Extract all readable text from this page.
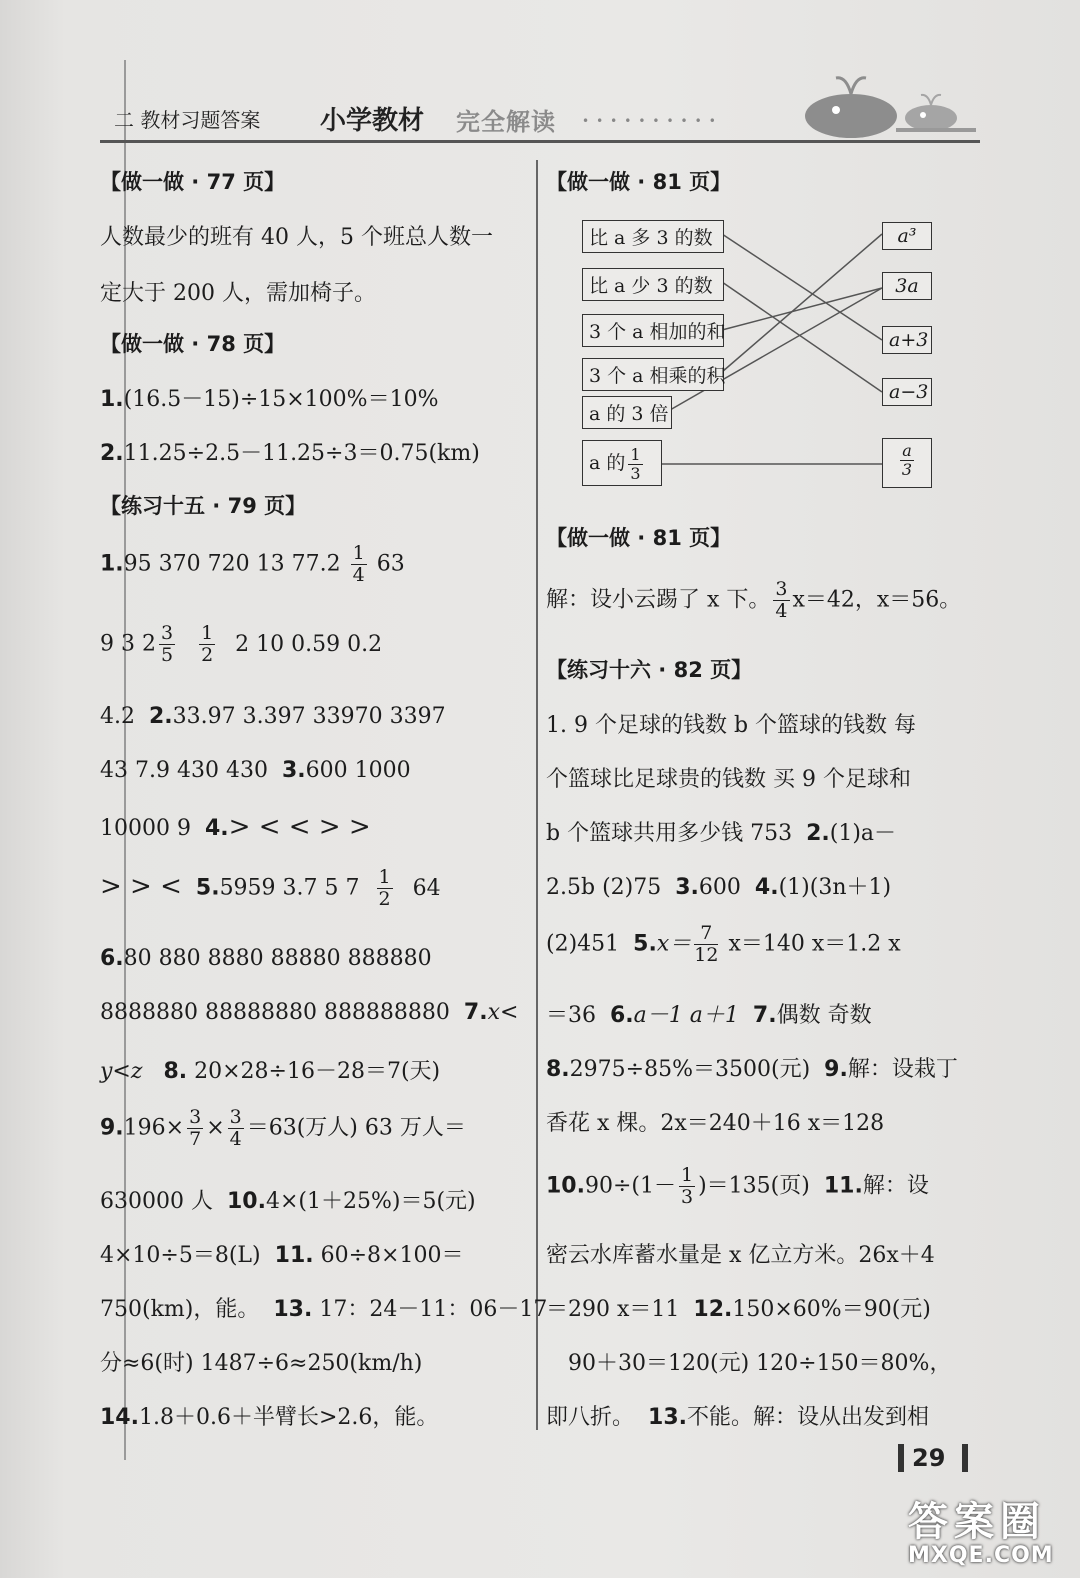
二 教材习题答案 小学教材 完全解读 ••••••••••
【做一做 · 77 页】
人数最少的班有 40 人，5 个班总人数一
定大于 200 人，需加椅子。
【做一做 · 78 页】
1.(16.5－15)÷15×100%＝10%
2.11.25÷2.5－11.25÷3＝0.75(km)
【练习十五 · 79 页】
1.95 370 720 13 $77.2 \frac{1}{4} 63$
9 3 $2 \frac{3}{5}$
$\frac{1}{2} 2$ 10 0.59 0.2
4.2 2.33.97 3.397 33970 3397
43 7.9 430 430 3.600 1000
10000 9 4.> < < > >
> > < 5.5959 3.7 5 $7 \frac{1}{2} 64$
6.80 880 8880 88880 888880
8888880 88888880 888888880 7.x<
y<z 8. 20×28÷16－28＝7(天)
$9.196\times \frac{3}{7} \times \frac{3}{4} =63$(万人) 63 万人＝
630000 人 10.4×(1＋25%)＝5(元)
4×10÷5＝8(L) 11. 60÷8×100＝
750(km)，能。 13. 17：24－11：06－17
分≈6(时) 1487÷6≈250(km/h)
14.1.8＋0.6＋半臂长>2.6，能。
【做一做 · 81 页】
比 a 多 3 的数
比 a 少 3 的数
3 个 a 相加的和
3 个 a 相乘的积
a 的 3 倍
a 的 $\frac{1}{3}$
a³
3a
a+3
a−3
$\frac{a}{3}$
【做一做 · 81 页】
解：设小云踢了 x 下。 $\frac{3}{4} x=42$，x＝56。
【练习十六 · 82 页】
1. 9 个足球的钱数 b 个篮球的钱数 每
个篮球比足球贵的钱数 买 9 个足球和
b 个篮球共用多少钱 753 2.(1)a－
2.5b (2)75 3.600 4.(1)(3n＋1)
(2)451 $5.x= \frac{7}{12} x=140$ x＝1.2 x
＝36 6.a－1 a＋1 7.偶数 奇数
8.2975÷85%＝3500(元) 9.解：设栽丁
香花 x 棵。2x＝240＋16 x＝128
$10.90\div(1- \frac{1}{3} )=135$(页) 11.解：设
密云水库蓄水量是 x 亿立方米。26x＋4
＝290 x＝11 12.150×60%＝90(元)
90＋30＝120(元) 120÷150＝80%，
即八折。 13.不能。解：设从出发到相
29
答案圈
MXQE.COM
